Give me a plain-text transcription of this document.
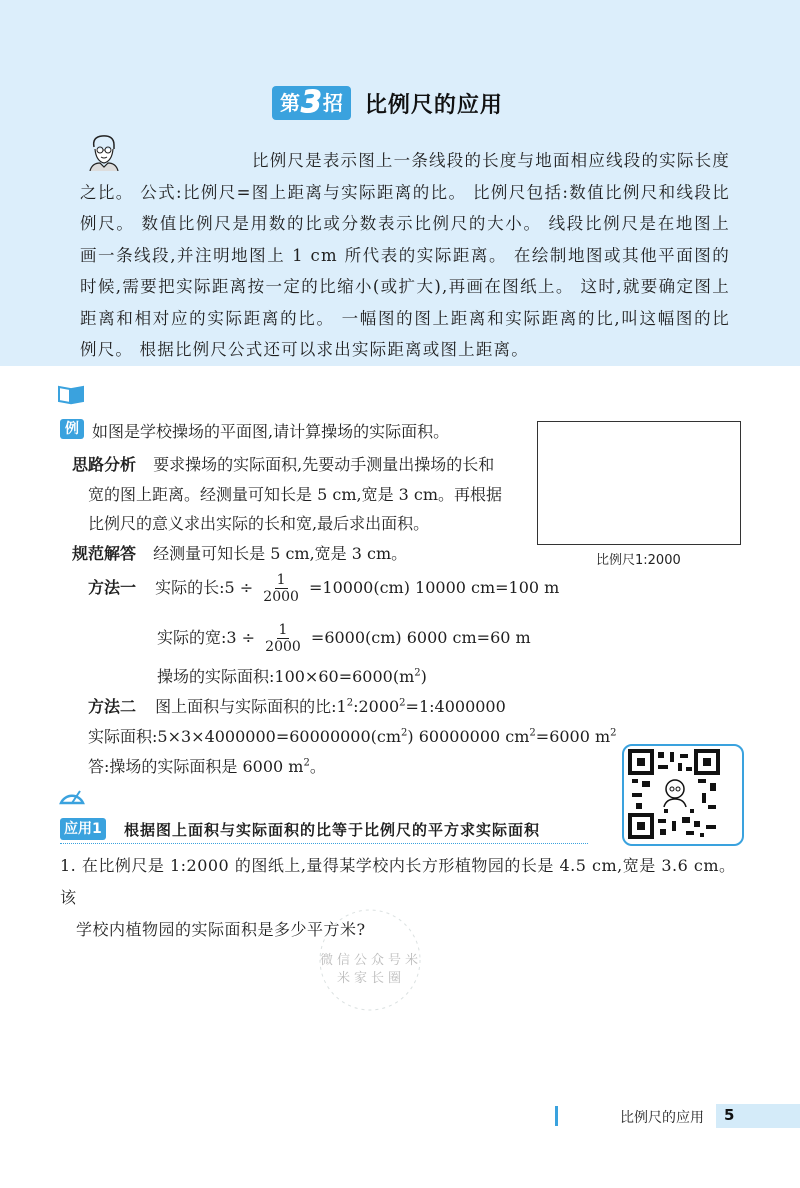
第 3 招 比例尺的应用

比例尺是表示图上一条线段的长度与地面相应线段的实际长度之比。 公式:比例尺=图上距离与实际距离的比。 比例尺包括:数值比例尺和线段比例尺。 数值比例尺是用数的比或分数表示比例尺的大小。 线段比例尺是在地图上画一条线段,并注明地图上 1 cm 所代表的实际距离。 在绘制地图或其他平面图的时候,需要把实际距离按一定的比缩小(或扩大),再画在图纸上。 这时,就要确定图上距离和相对应的实际距离的比。 一幅图的图上距离和实际距离的比,叫这幅图的比例尺。 根据比例尺公式还可以求出实际距离或图上距离。

例 如图是学校操场的平面图,请计算操场的实际面积。
思路分析 要求操场的实际面积,先要动手测量出操场的长和
宽的图上距离。经测量可知长是 5 cm,宽是 3 cm。再根据
比例尺的意义求出实际的长和宽,最后求出面积。
比例尺1:2000
规范解答 经测量可知长是 5 cm,宽是 3 cm。
方法一 实际的长:5 ÷ $\frac{1}{2000} =10000(cm)$ 10000 cm=100 m
实际的宽:3 ÷ $\frac{1}{2000} =6000(cm)$ 6000 cm=60 m
操场的实际面积$:100\times 60=6000(m^2)$
方法二 图上面积与实际面积的比$:1^2:2000^2=1:4000000$
实际面积$:5\times 3\times 4000000=60000000(cm^2)$ 60000000 $cm^2=6000$ $m^2$
答:操场的实际面积是 6000 $m^2$。
应用1 根据图上面积与实际面积的比等于比例尺的平方求实际面积
1. 在比例尺是 1:2000 的图纸上,量得某学校内长方形植物园的长是 4.5 cm,宽是 3.6 cm。该
学校内植物园的实际面积是多少平方米?
微信公众号米米家长圈
比例尺的应用 5
